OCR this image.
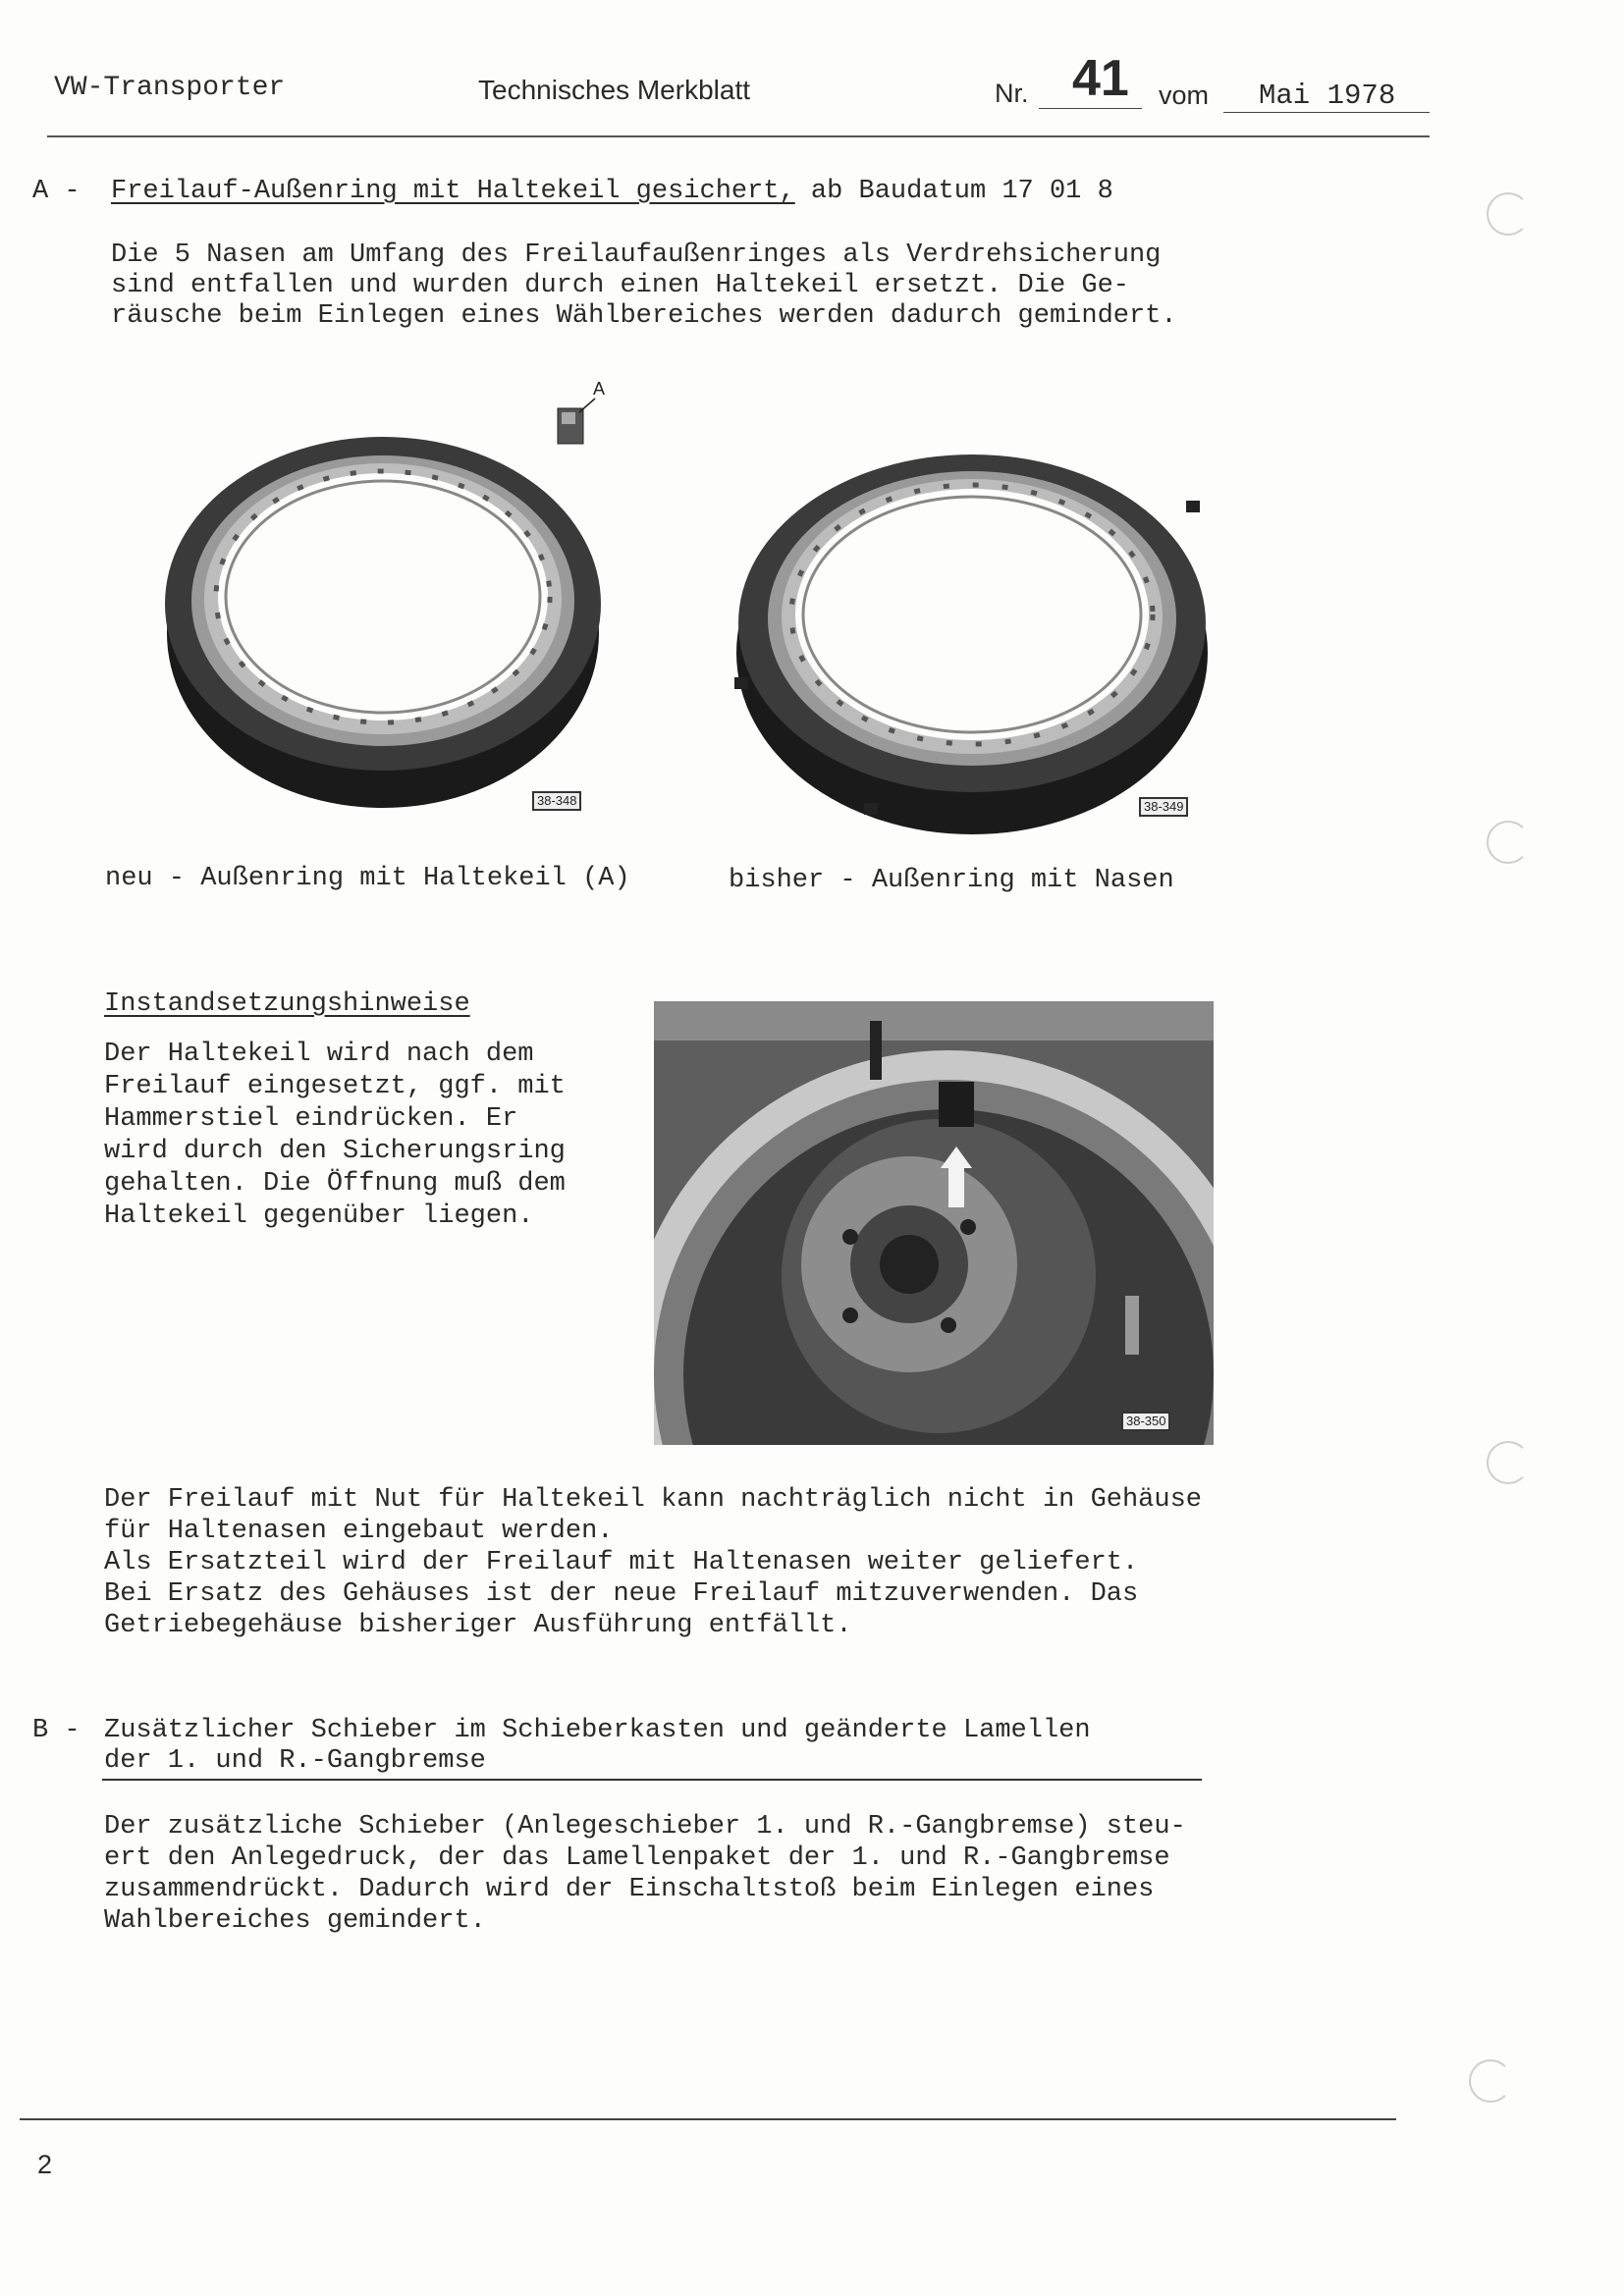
VW-Transporter	Technisches Merkblatt	Nr. 41 vom Mai 1978
A - Freilauf-Außenring mit Haltekeil gesichert, ab Baudatum 17 01 8
Die 5 Nasen am Umfang des Freilaufaußenringes als Verdrehsicherung
sind entfallen und wurden durch einen Haltekeil ersetzt. Die Ge-
räusche beim Einlegen eines Wählbereiches werden dadurch gemindert.
A
38-348	38-349
neu - Außenring mit Haltekeil (A)	bisher - Außenring mit Nasen
Instandsetzungshinweise
Der Haltekeil wird nach dem
Freilauf eingesetzt, ggf. mit
Hammerstiel eindrücken. Er
wird durch den Sicherungsring
gehalten. Die Öffnung muß dem
Haltekeil gegenüber liegen.
38-350
Der Freilauf mit Nut für Haltekeil kann nachträglich nicht in Gehäuse
für Haltenasen eingebaut werden.
Als Ersatzteil wird der Freilauf mit Haltenasen weiter geliefert.
Bei Ersatz des Gehäuses ist der neue Freilauf mitzuverwenden. Das
Getriebegehäuse bisheriger Ausführung entfällt.
B - Zusätzlicher Schieber im Schieberkasten und geänderte Lamellen
der 1. und R.-Gangbremse
Der zusätzliche Schieber (Anlegeschieber 1. und R.-Gangbremse) steu-
ert den Anlegedruck, der das Lamellenpaket der 1. und R.-Gangbremse
zusammendrückt. Dadurch wird der Einschaltstoß beim Einlegen eines
Wahlbereiches gemindert.
2
